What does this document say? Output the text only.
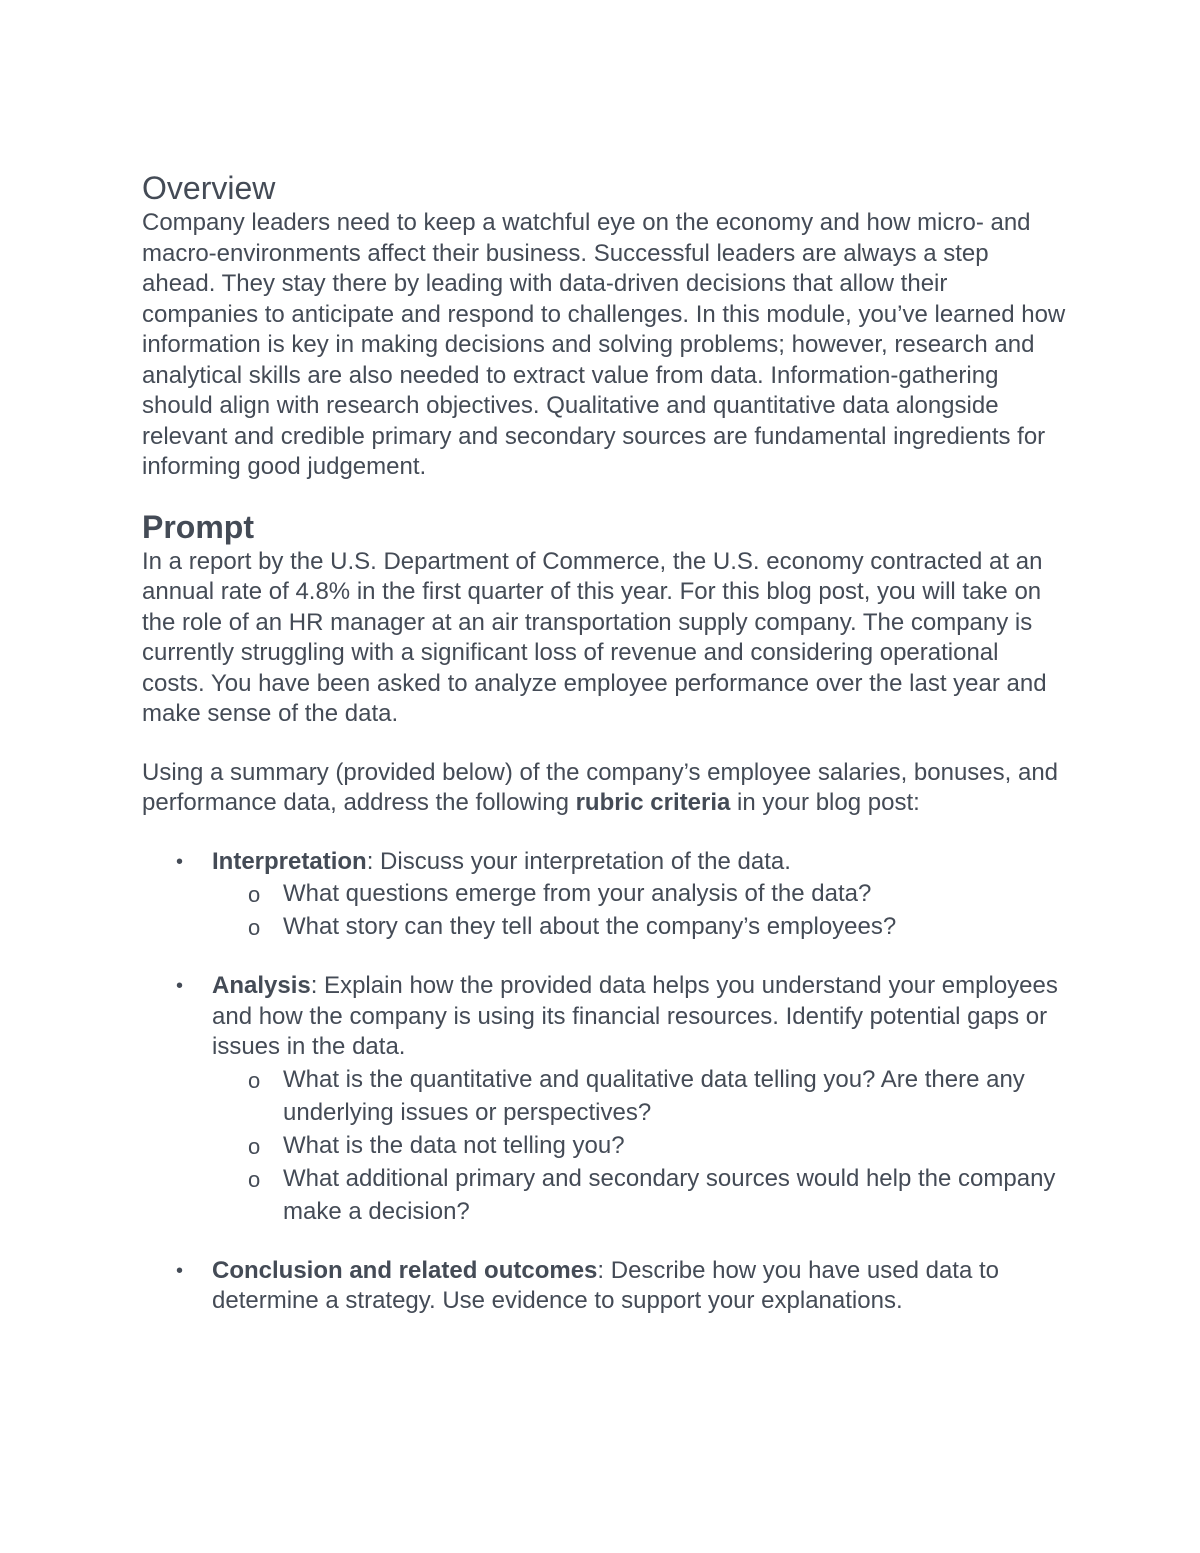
Overview

Company leaders need to keep a watchful eye on the economy and how micro- and macro-environments affect their business. Successful leaders are always a step ahead. They stay there by leading with data-driven decisions that allow their companies to anticipate and respond to challenges. In this module, you’ve learned how information is key in making decisions and solving problems; however, research and analytical skills are also needed to extract value from data. Information-gathering should align with research objectives. Qualitative and quantitative data alongside relevant and credible primary and secondary sources are fundamental ingredients for informing good judgement.

Prompt

In a report by the U.S. Department of Commerce, the U.S. economy contracted at an annual rate of 4.8% in the first quarter of this year. For this blog post, you will take on the role of an HR manager at an air transportation supply company. The company is currently struggling with a significant loss of revenue and considering operational costs. You have been asked to analyze employee performance over the last year and make sense of the data.

Using a summary (provided below) of the company’s employee salaries, bonuses, and performance data, address the following rubric criteria in your blog post:

• Interpretation: Discuss your interpretation of the data.
o What questions emerge from your analysis of the data?
o What story can they tell about the company’s employees?
• Analysis: Explain how the provided data helps you understand your employees and how the company is using its financial resources. Identify potential gaps or issues in the data.
o What is the quantitative and qualitative data telling you? Are there any underlying issues or perspectives?
o What is the data not telling you?
o What additional primary and secondary sources would help the company make a decision?
• Conclusion and related outcomes: Describe how you have used data to determine a strategy. Use evidence to support your explanations.
